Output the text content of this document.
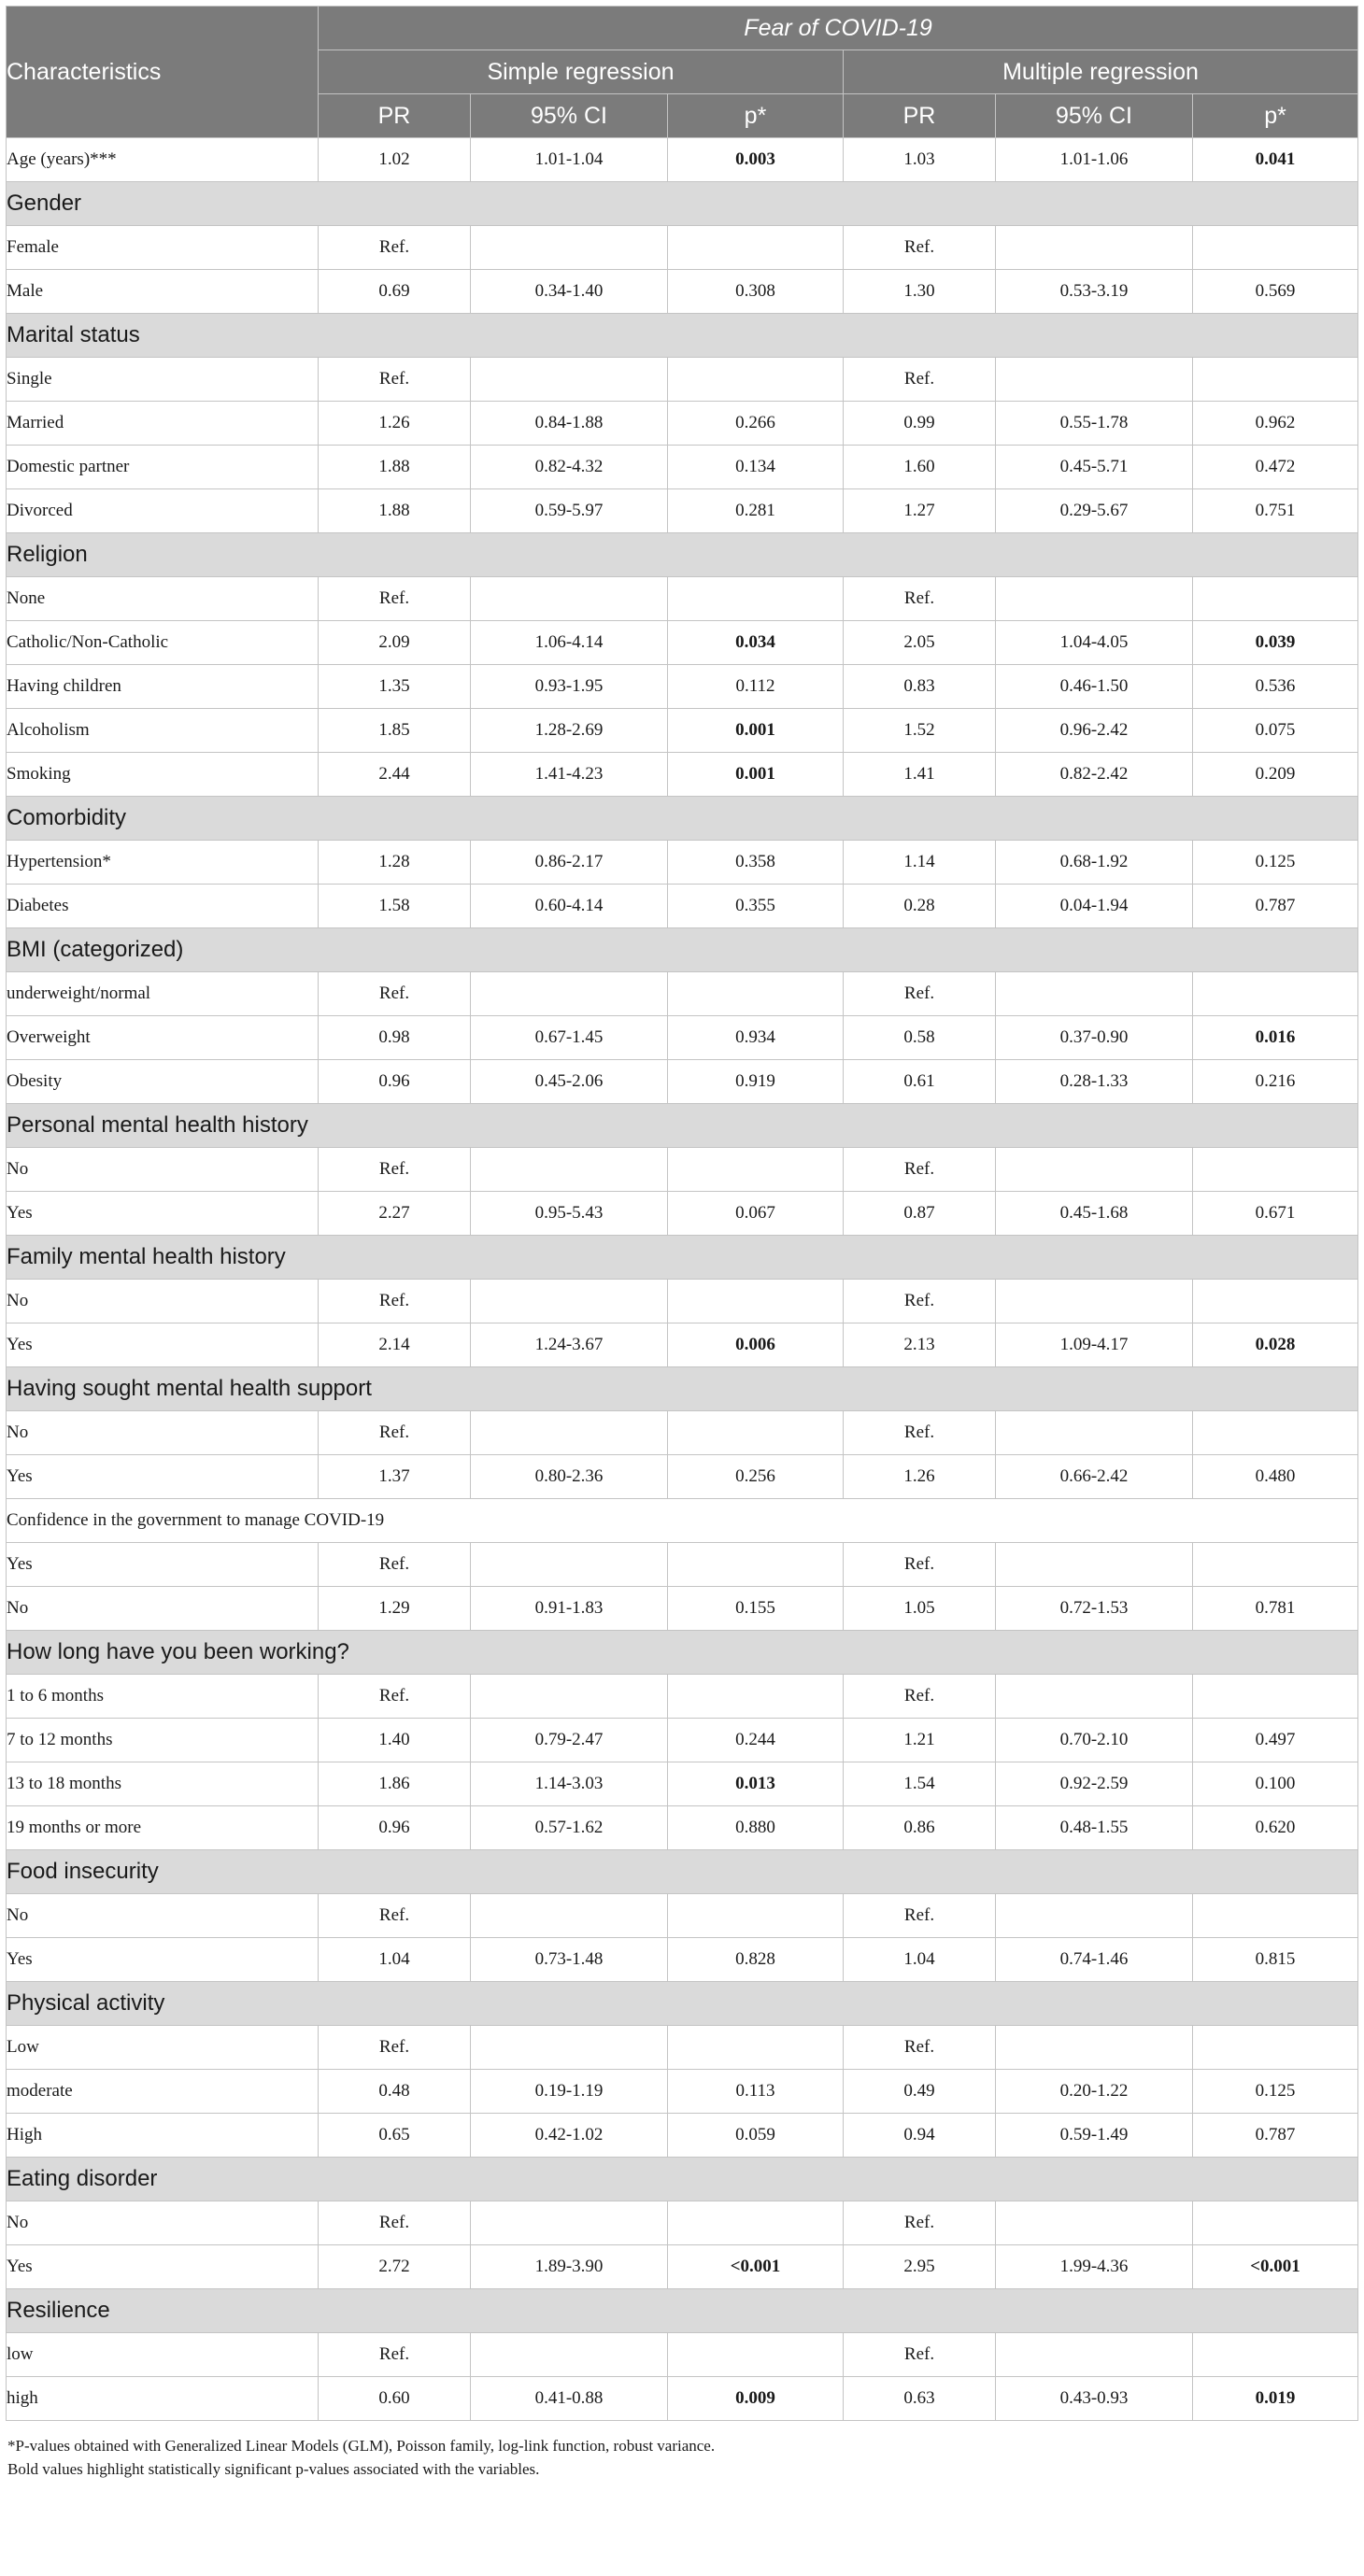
Characteristics	Fear of COVID-19					
	Simple regression			Multiple regression		
	PR	95% CI	p*	PR	95% CI	p*
Age (years)***	1.02	1.01-1.04	0.003	1.03	1.01-1.06	0.041
Gender						
Female	Ref.			Ref.		
Male	0.69	0.34-1.40	0.308	1.30	0.53-3.19	0.569
Marital status						
Single	Ref.			Ref.		
Married	1.26	0.84-1.88	0.266	0.99	0.55-1.78	0.962
Domestic partner	1.88	0.82-4.32	0.134	1.60	0.45-5.71	0.472
Divorced	1.88	0.59-5.97	0.281	1.27	0.29-5.67	0.751
Religion						
None	Ref.			Ref.		
Catholic/Non-Catholic	2.09	1.06-4.14	0.034	2.05	1.04-4.05	0.039
Having children	1.35	0.93-1.95	0.112	0.83	0.46-1.50	0.536
Alcoholism	1.85	1.28-2.69	0.001	1.52	0.96-2.42	0.075
Smoking	2.44	1.41-4.23	0.001	1.41	0.82-2.42	0.209
Comorbidity						
Hypertension*	1.28	0.86-2.17	0.358	1.14	0.68-1.92	0.125
Diabetes	1.58	0.60-4.14	0.355	0.28	0.04-1.94	0.787
BMI (categorized)						
underweight/normal	Ref.			Ref.		
Overweight	0.98	0.67-1.45	0.934	0.58	0.37-0.90	0.016
Obesity	0.96	0.45-2.06	0.919	0.61	0.28-1.33	0.216
Personal mental health history						
No	Ref.			Ref.		
Yes	2.27	0.95-5.43	0.067	0.87	0.45-1.68	0.671
Family mental health history						
No	Ref.			Ref.		
Yes	2.14	1.24-3.67	0.006	2.13	1.09-4.17	0.028
Having sought mental health support						
No	Ref.			Ref.		
Yes	1.37	0.80-2.36	0.256	1.26	0.66-2.42	0.480
Confidence in the government to manage COVID-19						
Yes	Ref.			Ref.		
No	1.29	0.91-1.83	0.155	1.05	0.72-1.53	0.781
How long have you been working?						
1 to 6 months	Ref.			Ref.		
7 to 12 months	1.40	0.79-2.47	0.244	1.21	0.70-2.10	0.497
13 to 18 months	1.86	1.14-3.03	0.013	1.54	0.92-2.59	0.100
19 months or more	0.96	0.57-1.62	0.880	0.86	0.48-1.55	0.620
Food insecurity						
No	Ref.			Ref.		
Yes	1.04	0.73-1.48	0.828	1.04	0.74-1.46	0.815
Physical activity						
Low	Ref.			Ref.		
moderate	0.48	0.19-1.19	0.113	0.49	0.20-1.22	0.125
High	0.65	0.42-1.02	0.059	0.94	0.59-1.49	0.787
Eating disorder						
No	Ref.			Ref.		
Yes	2.72	1.89-3.90	<0.001	2.95	1.99-4.36	<0.001
Resilience						
low	Ref.			Ref.		
high	0.60	0.41-0.88	0.009	0.63	0.43-0.93	0.019
*P-values obtained with Generalized Linear Models (GLM), Poisson family, log-link function, robust variance.
Bold values highlight statistically significant p-values associated with the variables.
